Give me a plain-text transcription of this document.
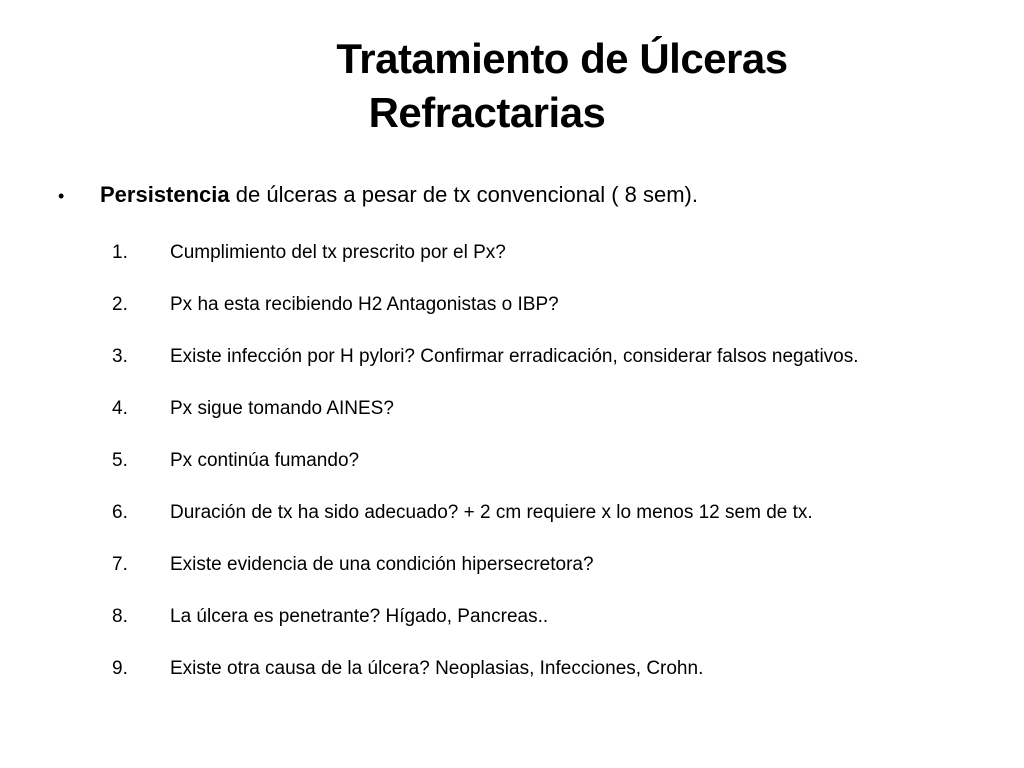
Tratamiento de Úlceras
Refractarias
• Persistencia de úlceras a pesar de tx convencional ( 8 sem).
1.	Cumplimiento del tx prescrito por el Px?
2.	Px ha esta recibiendo H2 Antagonistas o IBP?
3.	Existe infección por H pylori? Confirmar erradicación, considerar falsos negativos.
4.	Px sigue tomando AINES?
5.	Px continúa fumando?
6.	Duración de tx ha sido adecuado? + 2 cm requiere x lo menos 12 sem de tx.
7.	Existe evidencia de una condición hipersecretora?
8.	La úlcera es penetrante? Hígado, Pancreas..
9.	Existe otra causa de la úlcera? Neoplasias, Infecciones, Crohn.
